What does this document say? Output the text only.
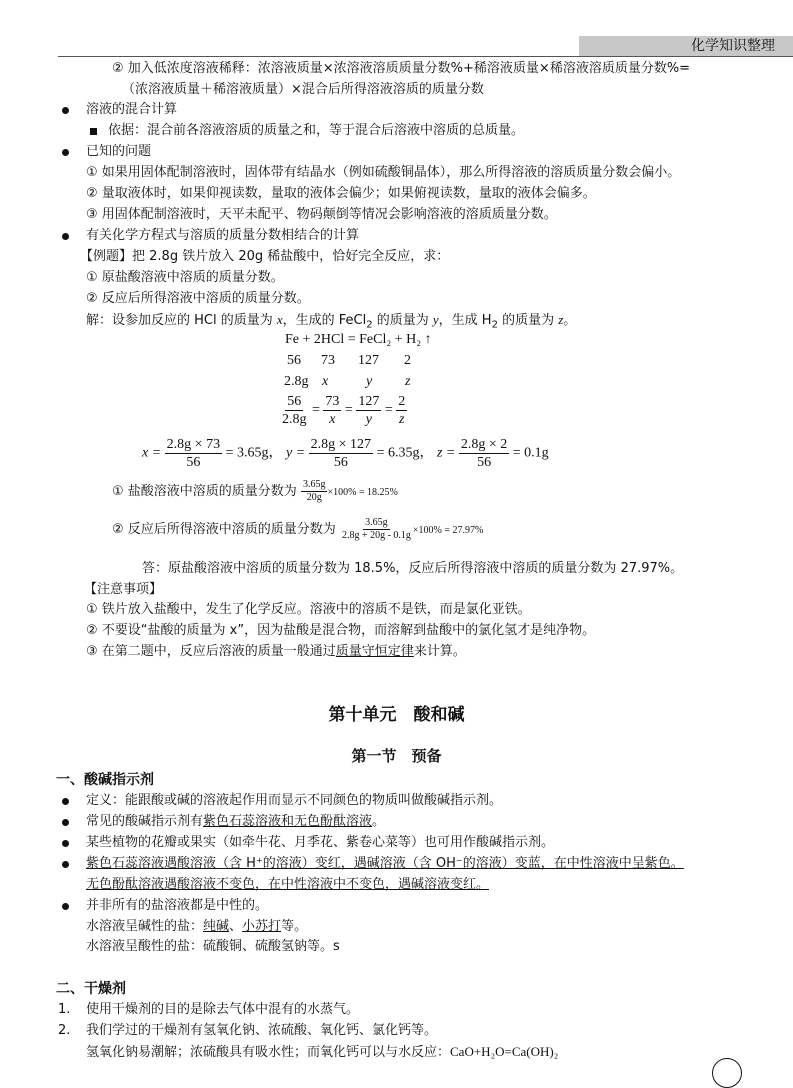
化学知识整理
② 加入低浓度溶液稀释：浓溶液质量×浓溶液溶质质量分数%+稀溶液质量×稀溶液溶质质量分数%=
（浓溶液质量＋稀溶液质量）×混合后所得溶液溶质的质量分数
溶液的混合计算
依据：混合前各溶液溶质的质量之和，等于混合后溶液中溶质的总质量。
已知的问题
① 如果用固体配制溶液时，固体带有结晶水（例如硫酸铜晶体），那么所得溶液的溶质质量分数会偏小。
② 量取液体时，如果仰视读数，量取的液体会偏少；如果俯视读数，量取的液体会偏多。
③ 用固体配制溶液时，天平未配平、物码颠倒等情况会影响溶液的溶质质量分数。
有关化学方程式与溶质的质量分数相结合的计算
【例题】把 2.8g 铁片放入 20g 稀盐酸中，恰好完全反应，求：
① 原盐酸溶液中溶质的质量分数。
② 反应后所得溶液中溶质的质量分数。
解：设参加反应的 HCl 的质量为 x，生成的 FeCl$_2$ 的质量为 y，生成 $H_2$ 的质量为 z。
Fe + 2HCl = FeCl₂ + H₂ ↑
56 73 127 2
2.8g x	y z
$\frac{56}{2.8g} = \frac{73}{x} = \frac{127}{y} = \frac{2}{z}$
$x = \frac{2.8g \times 73}{56} = 3.65g$， $y = \frac{2.8g \times 127}{56} = 6.35g$， $z = \frac{2.8g \times 2}{56} = 0.1g$
① 盐酸溶液中溶质的质量分数为 $\frac{3.65g}{20g} \times 100\% = 18.25\%$
② 反应后所得溶液中溶质的质量分数为 $\frac{3.65g}{2.8g + 20g - 0.1g} \times 100\% = 27.97\%$
答：原盐酸溶液中溶质的质量分数为 18.5%，反应后所得溶液中溶质的质量分数为 27.97%。
【注意事项】
① 铁片放入盐酸中，发生了化学反应。溶液中的溶质不是铁，而是氯化亚铁。
② 不要设“盐酸的质量为 x”，因为盐酸是混合物，而溶解到盐酸中的氯化氢才是纯净物。
③ 在第二题中，反应后溶液的质量一般通过质量守恒定律来计算。
第十单元　酸和碱
第一节　预备
一、酸碱指示剂
定义：能跟酸或碱的溶液起作用而显示不同颜色的物质叫做酸碱指示剂。
常见的酸碱指示剂有紫色石蕊溶液和无色酚酞溶液。
某些植物的花瓣或果实（如牵牛花、月季花、紫卷心菜等）也可用作酸碱指示剂。
紫色石蕊溶液遇酸溶液（含 H⁺的溶液）变红，遇碱溶液（含 OH⁻的溶液）变蓝，在中性溶液中呈紫色。
无色酚酞溶液遇酸溶液不变色，在中性溶液中不变色，遇碱溶液变红。
并非所有的盐溶液都是中性的。
水溶液呈碱性的盐：纯碱、小苏打等。
水溶液呈酸性的盐：硫酸铜、硫酸氢钠等。s
二、干燥剂
1. 使用干燥剂的目的是除去气体中混有的水蒸气。
2. 我们学过的干燥剂有氢氧化钠、浓硫酸、氧化钙、氯化钙等。
氢氧化钠易潮解；浓硫酸具有吸水性；而氧化钙可以与水反应：CaO+H₂O=Ca(OH)₂
